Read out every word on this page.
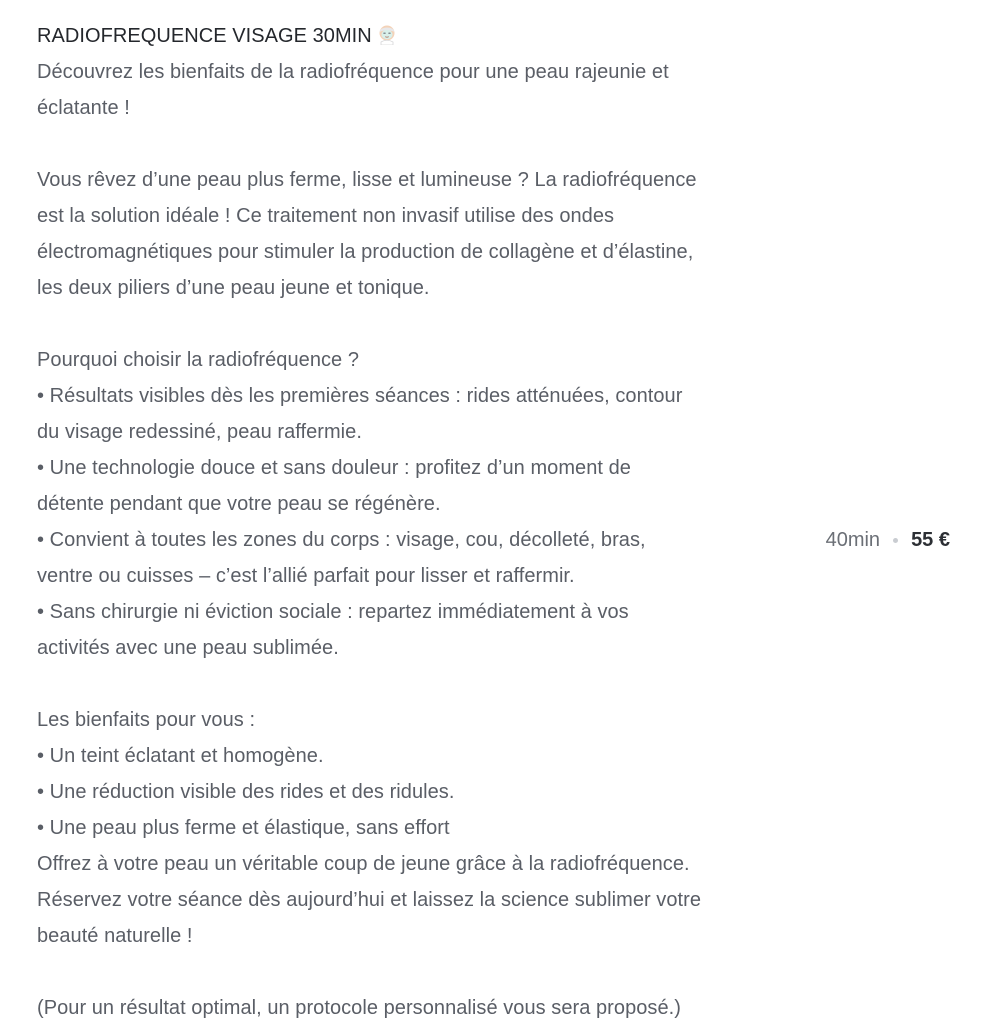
RADIOFREQUENCE VISAGE 30MIN
Découvrez les bienfaits de la radiofréquence pour une peau rajeunie et
éclatante !
Vous rêvez d’une peau plus ferme, lisse et lumineuse ? La radiofréquence
est la solution idéale ! Ce traitement non invasif utilise des ondes
électromagnétiques pour stimuler la production de collagène et d’élastine,
les deux piliers d’une peau jeune et tonique.
Pourquoi choisir la radiofréquence ?
• Résultats visibles dès les premières séances : rides atténuées, contour
du visage redessiné, peau raffermie.
• Une technologie douce et sans douleur : profitez d’un moment de
détente pendant que votre peau se régénère.
• Convient à toutes les zones du corps : visage, cou, décolleté, bras,
ventre ou cuisses – c’est l’allié parfait pour lisser et raffermir.
• Sans chirurgie ni éviction sociale : repartez immédiatement à vos
activités avec une peau sublimée.
Les bienfaits pour vous :
• Un teint éclatant et homogène.
• Une réduction visible des rides et des ridules.
• Une peau plus ferme et élastique, sans effort
Offrez à votre peau un véritable coup de jeune grâce à la radiofréquence.
Réservez votre séance dès aujourd’hui et laissez la science sublimer votre
beauté naturelle !
(Pour un résultat optimal, un protocole personnalisé vous sera proposé.)
40min 55 €
